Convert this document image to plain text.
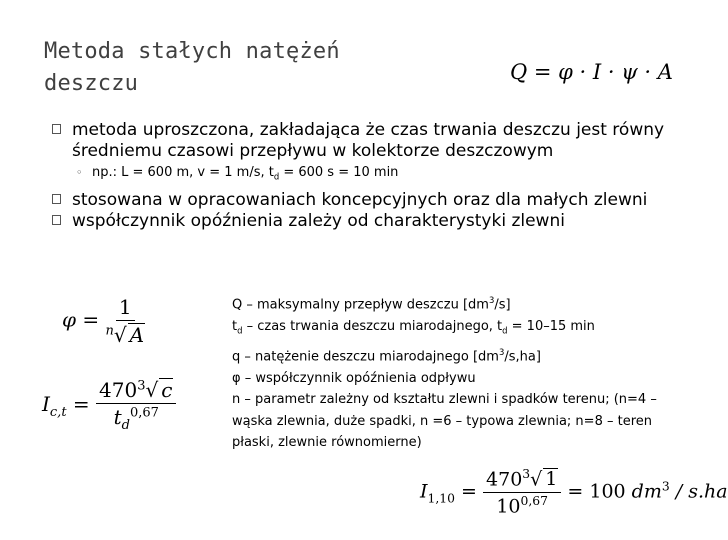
Metoda stałych natężeń deszczu	Q = φ · I · ψ · A
metoda uproszczona, zakładająca że czas trwania deszczu jest równy średniemu czasowi przepływu w kolektorze deszczowym
◦ np.: L = 600 m, v = 1 m/s, $t_d = 600$ s = 10 min
stosowana w opracowaniach koncepcyjnych oraz dla małych zlewni
współczynnik opóźnienia zależy od charakterystyki zlewni
$\varphi = \frac{1}{^n√ A}$
$I_{c,t} = \frac{470^3√ c}{t_d^{0,67}}$
Q – maksymalny przepływ deszczu $[dm^3/s]$
$t_d$ – czas trwania deszczu miarodajnego, $t_d = 10-15$ min
q – natężenie deszczu miarodajnego $[dm^3/s,ha]$
φ – współczynnik opóźnienia odpływu
n – parametr zależny od kształtu zlewni i spadków terenu; (n=4 – wąska zlewnia, duże spadki, n =6 – typowa zlewnia; n=8 – teren płaski, zlewnie równomierne)
$I_{1,10} = \frac{470^3√ 1}{10^{0,67}} = 100$ $dm^3 / s.ha$
